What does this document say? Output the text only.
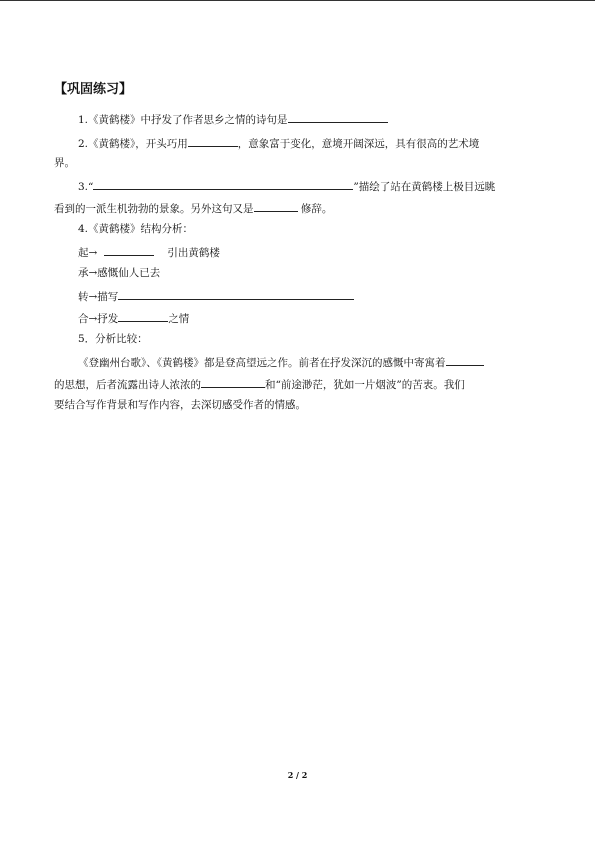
【巩固练习】
1.《黄鹤楼》中抒发了作者思乡之情的诗句是
2.《黄鹤楼》，开头巧用	，意象富于变化，意境开阔深远，具有很高的艺术境
界。
3.“	”描绘了站在黄鹤楼上极目远眺
看到的一派生机勃勃的景象。另外这句又是	修辞。
4.《黄鹤楼》结构分析：
起→	引出黄鹤楼
承→感慨仙人已去
转→描写
合→抒发	之情
5．分析比较：
《登幽州台歌》、《黄鹤楼》都是登高望远之作。前者在抒发深沉的感慨中寄寓着
的思想，后者流露出诗人浓浓的	和“前途渺茫，犹如一片烟波”的苦衷。我们
要结合写作背景和写作内容，去深切感受作者的情感。
2 / 2
